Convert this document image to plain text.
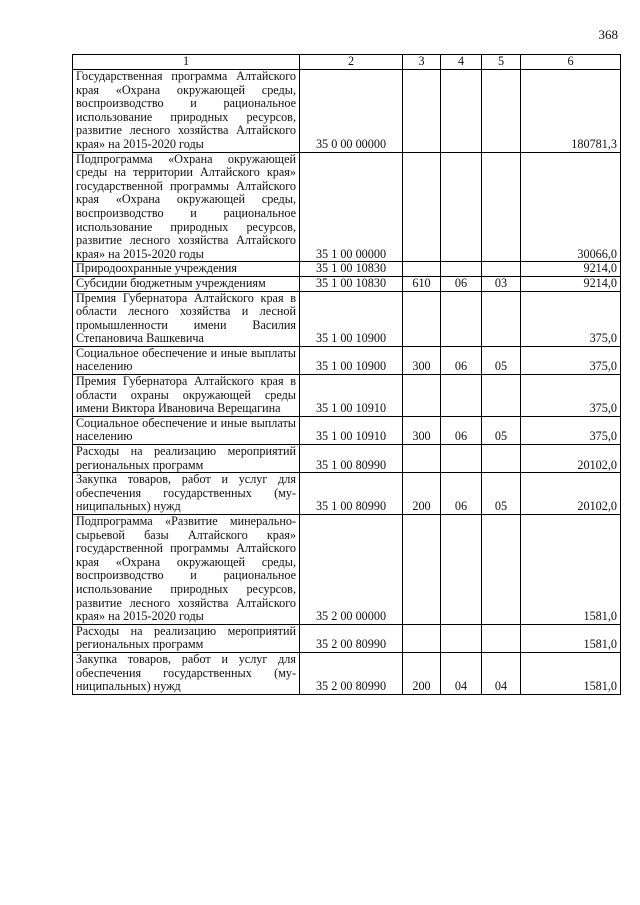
368
1	2	3	4	5	6
Государственная программа Алтайского края «Охрана окружающей среды, воспроизводство и рациональное использование природных ресурсов, развитие лесного хозяйства Алтайского края» на 2015-2020 годы	35 0 00 00000				180781,3
Подпрограмма «Охрана окружающей среды на территории Алтайского края» государственной программы Алтайского края «Охрана окружающей среды, воспроизводство и рациональное использование природных ресурсов, развитие лесного хозяйства Алтайского края» на 2015-2020 годы	35 1 00 00000				30066,0
Природоохранные учреждения	35 1 00 10830				9214,0
Субсидии бюджетным учреждениям	35 1 00 10830	610	06	03	9214,0
Премия Губернатора Алтайского края в области лесного хозяйства и лесной промышленности имени Василия Степановича Вашкевича	35 1 00 10900				375,0
Социальное обеспечение и иные выплаты населению	35 1 00 10900	300	06	05	375,0
Премия Губернатора Алтайского края в области охраны окружающей среды имени Виктора Ивановича Верещагина	35 1 00 10910				375,0
Социальное обеспечение и иные выплаты населению	35 1 00 10910	300	06	05	375,0
Расходы на реализацию мероприятий региональных программ	35 1 00 80990				20102,0
Закупка товаров, работ и услуг для обеспечения государственных (муниципальных) нужд	35 1 00 80990	200	06	05	20102,0
Подпрограмма «Развитие минерально-сырьевой базы Алтайского края» государственной программы Алтайского края «Охрана окружающей среды, воспроизводство и рациональное использование природных ресурсов, развитие лесного хозяйства Алтайского края» на 2015-2020 годы	35 2 00 00000				1581,0
Расходы на реализацию мероприятий региональных программ	35 2 00 80990				1581,0
Закупка товаров, работ и услуг для обеспечения государственных (муниципальных) нужд	35 2 00 80990	200	04	04	1581,0
